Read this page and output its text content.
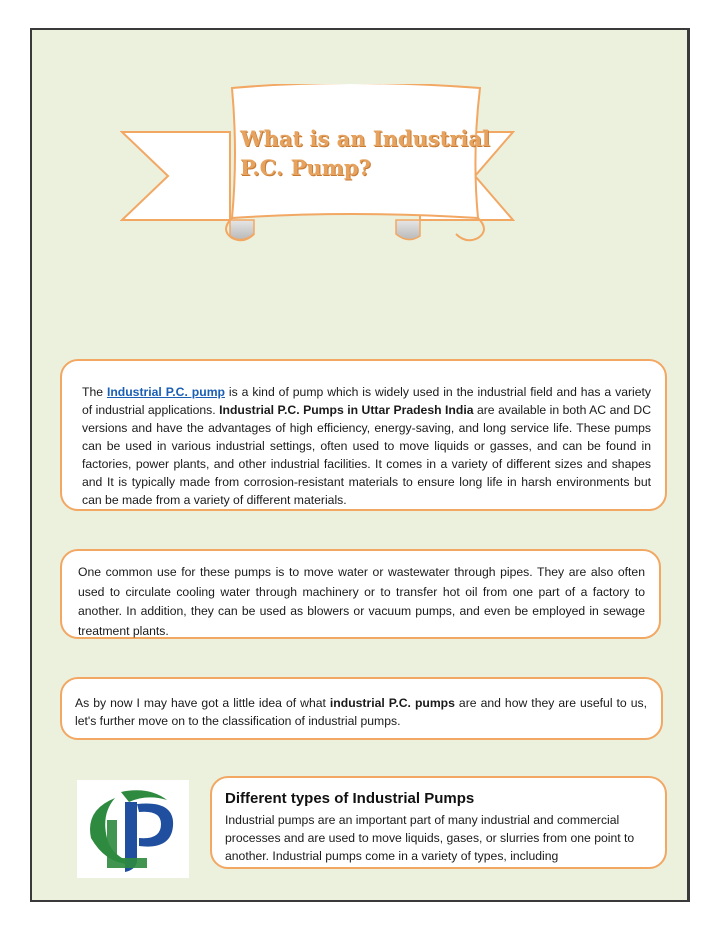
What is an Industrial
P.C. Pump?

The Industrial P.C. pump is a kind of pump which is widely used in the industrial field and has a variety of industrial applications. Industrial P.C. Pumps in Uttar Pradesh India are available in both AC and DC versions and have the advantages of high efficiency, energy-saving, and long service life. These pumps can be used in various industrial settings, often used to move liquids or gasses, and can be found in factories, power plants, and other industrial facilities. It comes in a variety of different sizes and shapes and It is typically made from corrosion-resistant materials to ensure long life in harsh environments but can be made from a variety of different materials.

One common use for these pumps is to move water or wastewater through pipes. They are also often used to circulate cooling water through machinery or to transfer hot oil from one part of a factory to another. In addition, they can be used as blowers or vacuum pumps, and even be employed in sewage treatment plants.

As by now I may have got a little idea of what industrial P.C. pumps are and how they are useful to us, let's further move on to the classification of industrial pumps.

Different types of Industrial Pumps

Industrial pumps are an important part of many industrial and commercial processes and are used to move liquids, gases, or slurries from one point to another. Industrial pumps come in a variety of types, including
